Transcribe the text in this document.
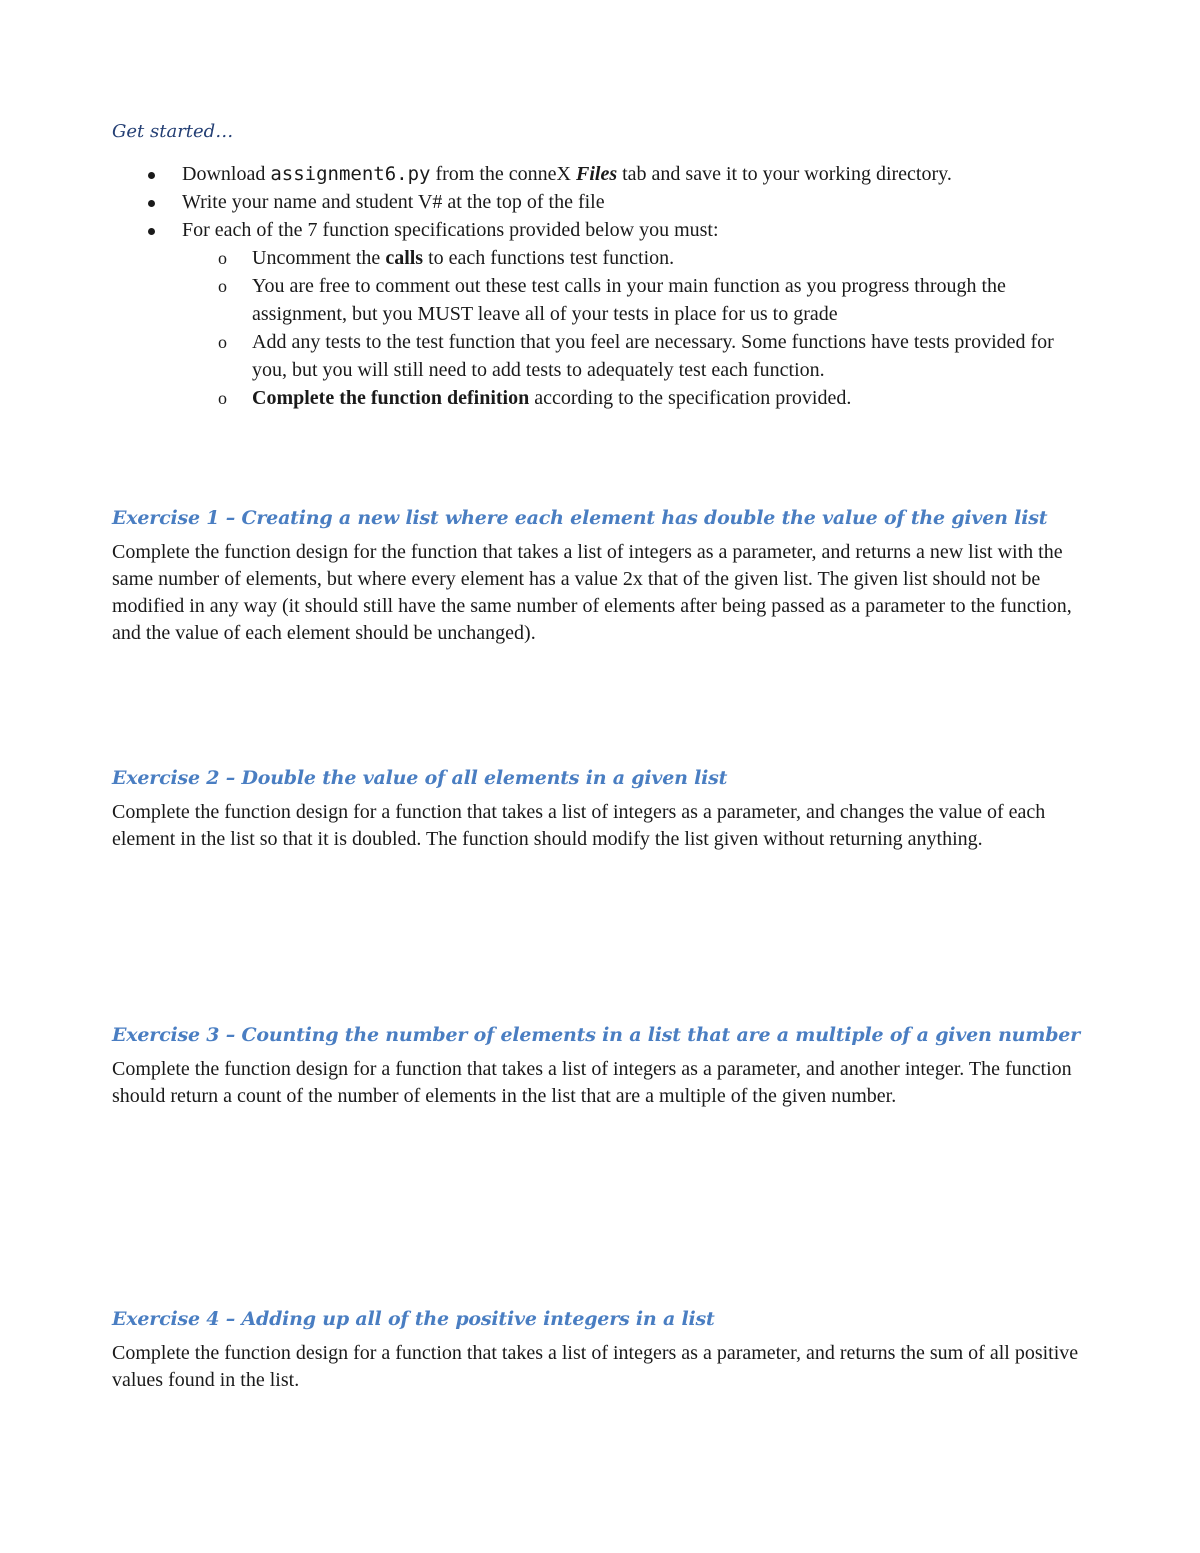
Get started…
Download assignment6.py from the conneX Files tab and save it to your working directory.
Write your name and student V# at the top of the file
For each of the 7 function specifications provided below you must:
o Uncomment the calls to each functions test function.
o You are free to comment out these test calls in your main function as you progress through the assignment, but you MUST leave all of your tests in place for us to grade
o Add any tests to the test function that you feel are necessary. Some functions have tests provided for you, but you will still need to add tests to adequately test each function.
o Complete the function definition according to the specification provided.
Exercise 1 – Creating a new list where each element has double the value of the given list

Complete the function design for the function that takes a list of integers as a parameter, and returns a new list with the same number of elements, but where every element has a value 2x that of the given list. The given list should not be modified in any way (it should still have the same number of elements after being passed as a parameter to the function, and the value of each element should be unchanged).

Exercise 2 – Double the value of all elements in a given list

Complete the function design for a function that takes a list of integers as a parameter, and changes the value of each element in the list so that it is doubled. The function should modify the list given without returning anything.

Exercise 3 – Counting the number of elements in a list that are a multiple of a given number

Complete the function design for a function that takes a list of integers as a parameter, and another integer. The function should return a count of the number of elements in the list that are a multiple of the given number.

Exercise 4 – Adding up all of the positive integers in a list

Complete the function design for a function that takes a list of integers as a parameter, and returns the sum of all positive values found in the list.
